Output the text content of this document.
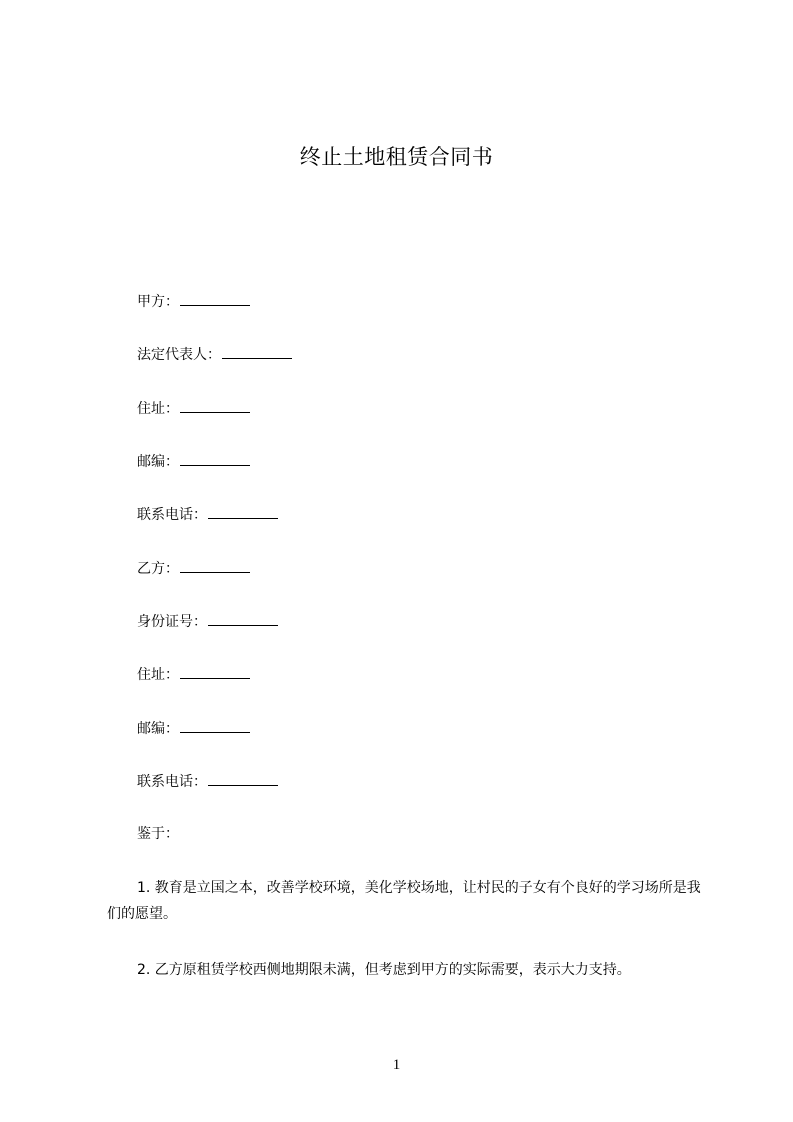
终止土地租赁合同书
甲方：
法定代表人：
住址：
邮编：
联系电话：
乙方：
身份证号：
住址：
邮编：
联系电话：
鉴于：
1. 教育是立国之本，改善学校环境，美化学校场地，让村民的子女有个良好的学习场所是我们的愿望。
2. 乙方原租赁学校西侧地期限未满，但考虑到甲方的实际需要，表示大力支持。
1
